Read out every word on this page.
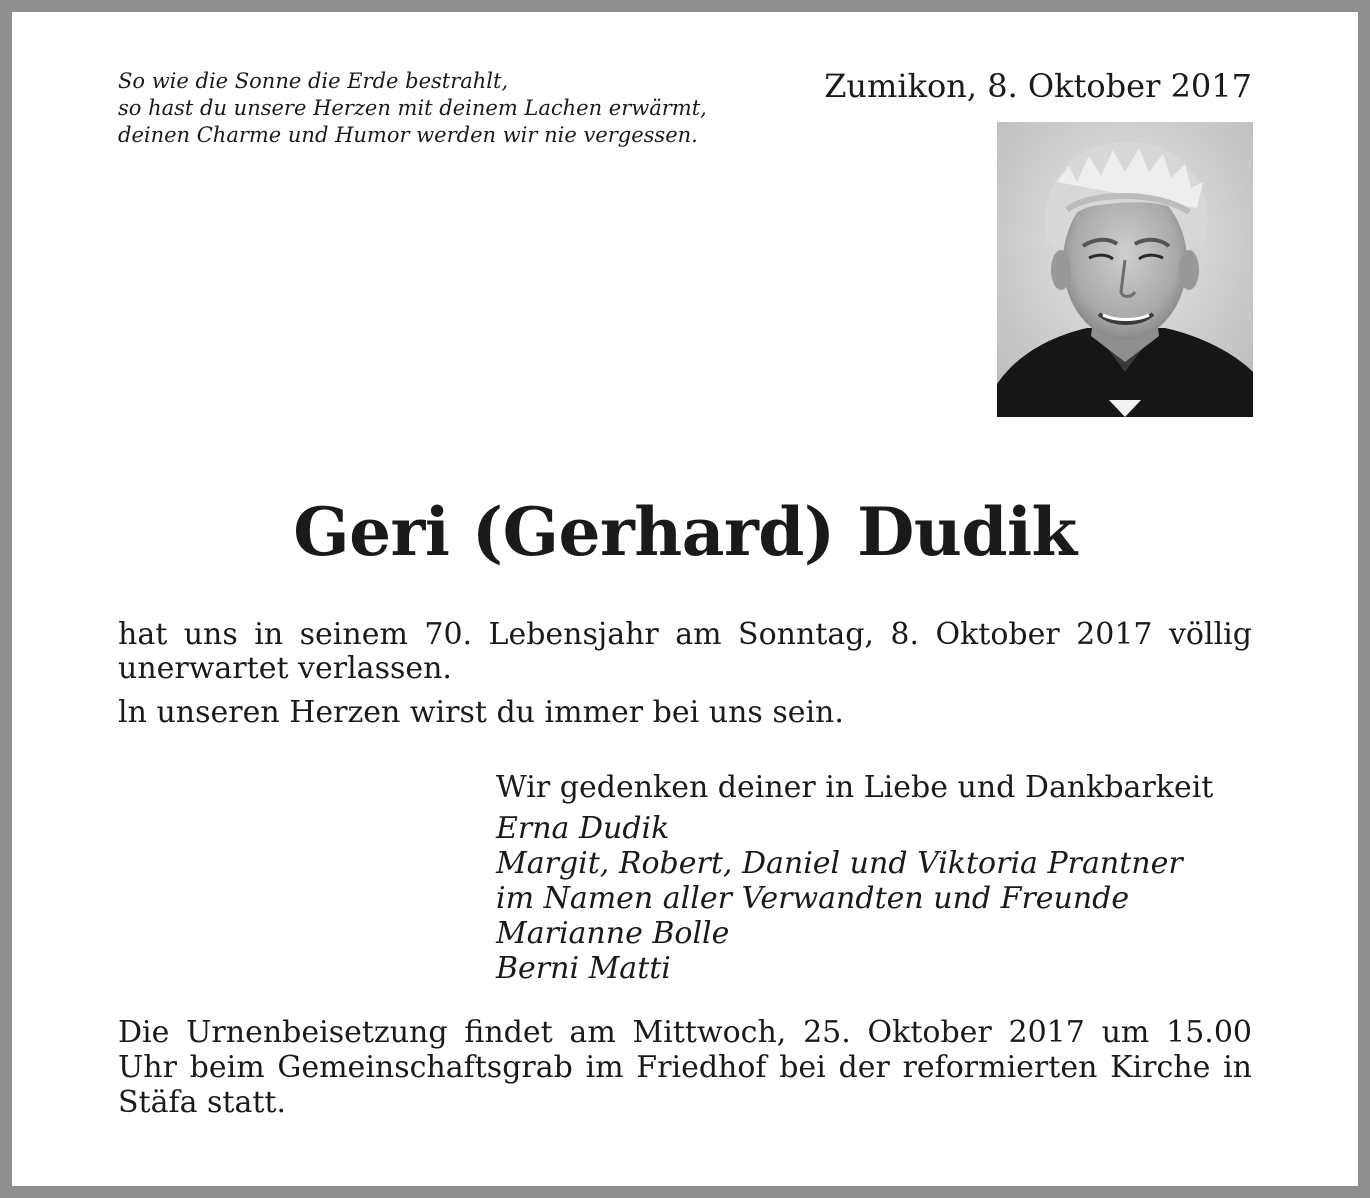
So wie die Sonne die Erde bestrahlt,
so hast du unsere Herzen mit deinem Lachen erwärmt,
deinen Charme und Humor werden wir nie vergessen.
Zumikon, 8. Oktober 2017
Geri (Gerhard) Dudik

hat uns in seinem 70. Lebensjahr am Sonntag, 8. Oktober 2017 völlig unerwartet verlassen.

ln unseren Herzen wirst du immer bei uns sein.

Wir gedenken deiner in Liebe und Dankbarkeit
Erna Dudik
Margit, Robert, Daniel und Viktoria Prantner
im Namen aller Verwandten und Freunde
Marianne Bolle
Berni Matti
Die Urnenbeisetzung findet am Mittwoch, 25. Oktober 2017 um 15.00 Uhr beim Gemeinschaftsgrab im Friedhof bei der reformierten Kirche in Stäfa statt.
